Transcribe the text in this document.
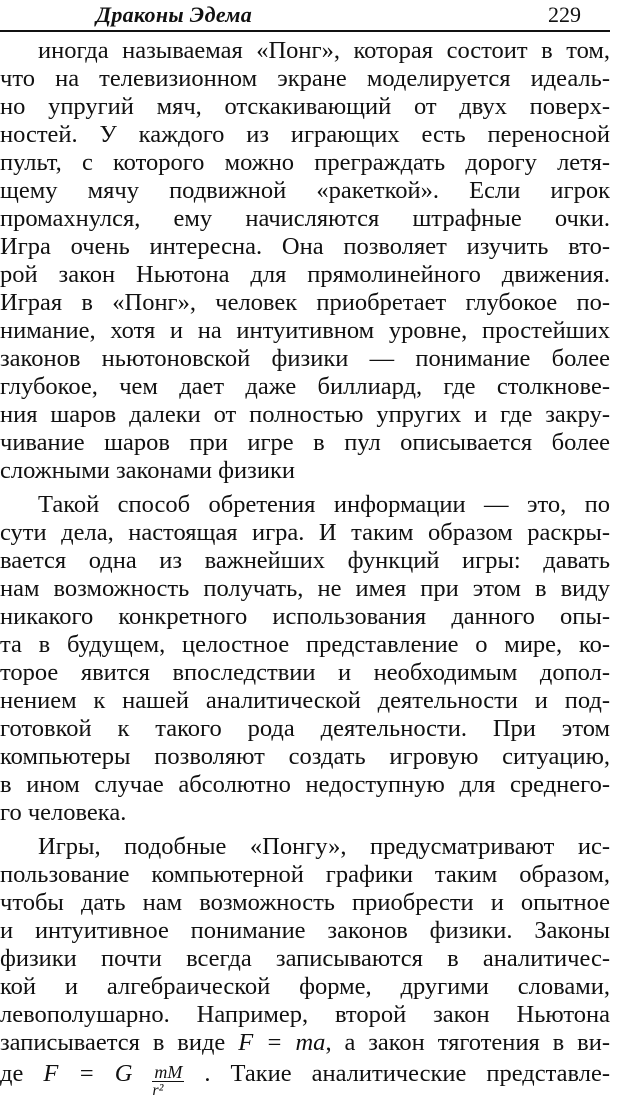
Драконы Эдема	229
иногда называемая «Понг», которая состоит в том,
что на телевизионном экране моделируется идеаль-
но упругий мяч, отскакивающий от двух поверх-
ностей. У каждого из играющих есть переносной
пульт, с которого можно преграждать дорогу летя-
щему мячу подвижной «ракеткой». Если игрок
промахнулся, ему начисляются штрафные очки.
Игра очень интересна. Она позволяет изучить вто-
рой закон Ньютона для прямолинейного движения.
Играя в «Понг», человек приобретает глубокое по-
нимание, хотя и на интуитивном уровне, простейших
законов ньютоновской физики — понимание более
глубокое, чем дает даже биллиард, где столкнове-
ния шаров далеки от полностью упругих и где закру-
чивание шаров при игре в пул описывается более
сложными законами физики
Такой способ обретения информации — это, по
сути дела, настоящая игра. И таким образом раскры-
вается одна из важнейших функций игры: давать
нам возможность получать, не имея при этом в виду
никакого конкретного использования данного опы-
та в будущем, целостное представление о мире, ко-
торое явится впоследствии и необходимым допол-
нением к нашей аналитической деятельности и под-
готовкой к такого рода деятельности. При этом
компьютеры позволяют создать игровую ситуацию,
в ином случае абсолютно недоступную для среднего-
го человека.
Игры, подобные «Понгу», предусматривают ис-
пользование компьютерной графики таким образом,
чтобы дать нам возможность приобрести и опытное
и интуитивное понимание законов физики. Законы
физики почти всегда записываются в аналитичес-
кой и алгебраической форме, другими словами,
левополушарно. Например, второй закон Ньютона
записывается в виде F = ma, а закон тяготения в ви-
де F = G $\frac{mM}{\text{r²}}$ . Такие аналитические представле-
